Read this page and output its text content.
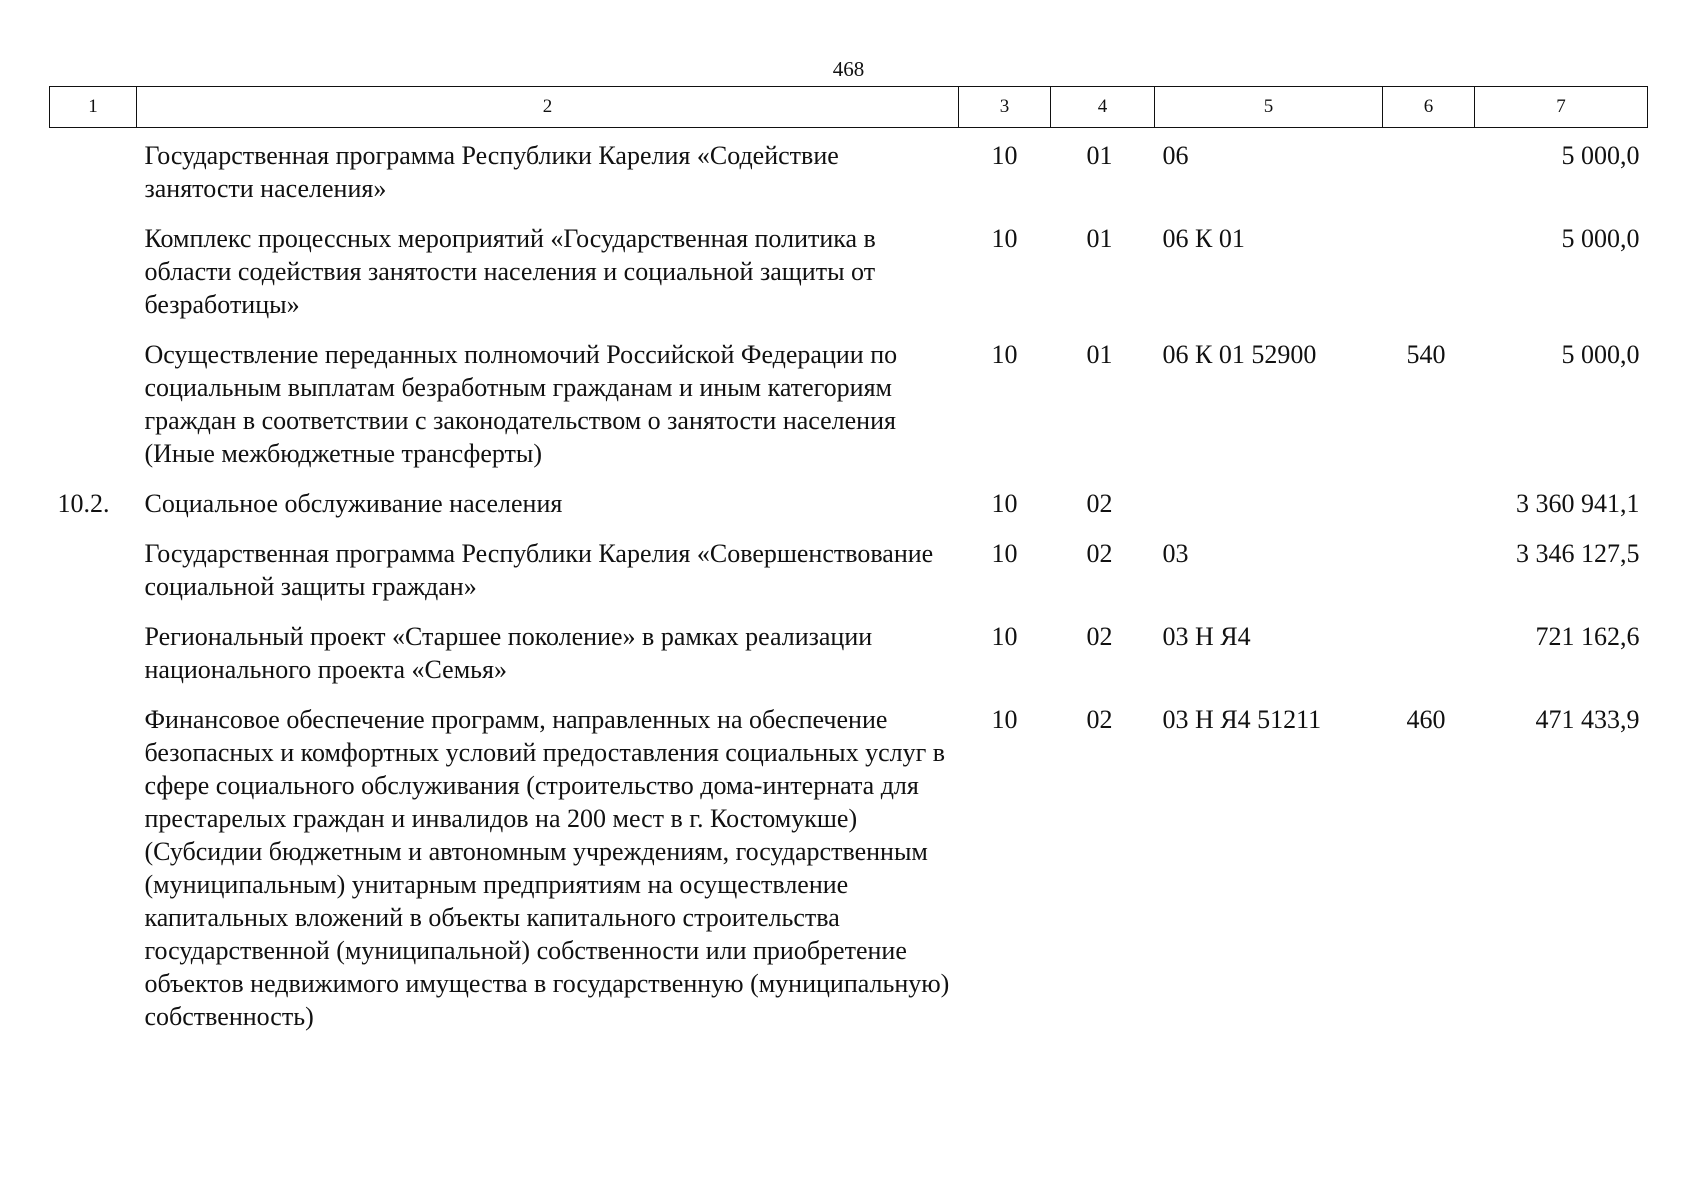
468
1	2	3	4	5	6	7
	Государственная программа Республики Карелия «Содействие занятости населения»	10	01	06		5 000,0
	Комплекс процессных мероприятий «Государственная политика в области содействия занятости населения и социальной защиты от безработицы»	10	01	06 К 01		5 000,0
	Осуществление переданных полномочий Российской Федерации по социальным выплатам безработным гражданам и иным категориям граждан в соответствии с законодательством о занятости населения (Иные межбюджетные трансферты)	10	01	06 К 01 52900	540	5 000,0
10.2.	Социальное обслуживание населения	10	02			3 360 941,1
	Государственная программа Республики Карелия «Совершенствование социальной защиты граждан»	10	02	03		3 346 127,5
	Региональный проект «Старшее поколение» в рамках реализации национального проекта «Семья»	10	02	03 Н Я4		721 162,6
	Финансовое обеспечение программ, направленных на обеспечение безопасных и комфортных условий предоставления социальных услуг в сфере социального обслуживания (строительство дома-интерната для престарелых граждан и инвалидов на 200 мест в г. Костомукше) (Субсидии бюджетным и автономным учреждениям, государственным (муниципальным) унитарным предприятиям на осуществление капитальных вложений в объекты капитального строительства государственной (муниципальной) собственности или приобретение объектов недвижимого имущества в государственную (муниципальную) собственность)	10	02	03 Н Я4 51211	460	471 433,9
